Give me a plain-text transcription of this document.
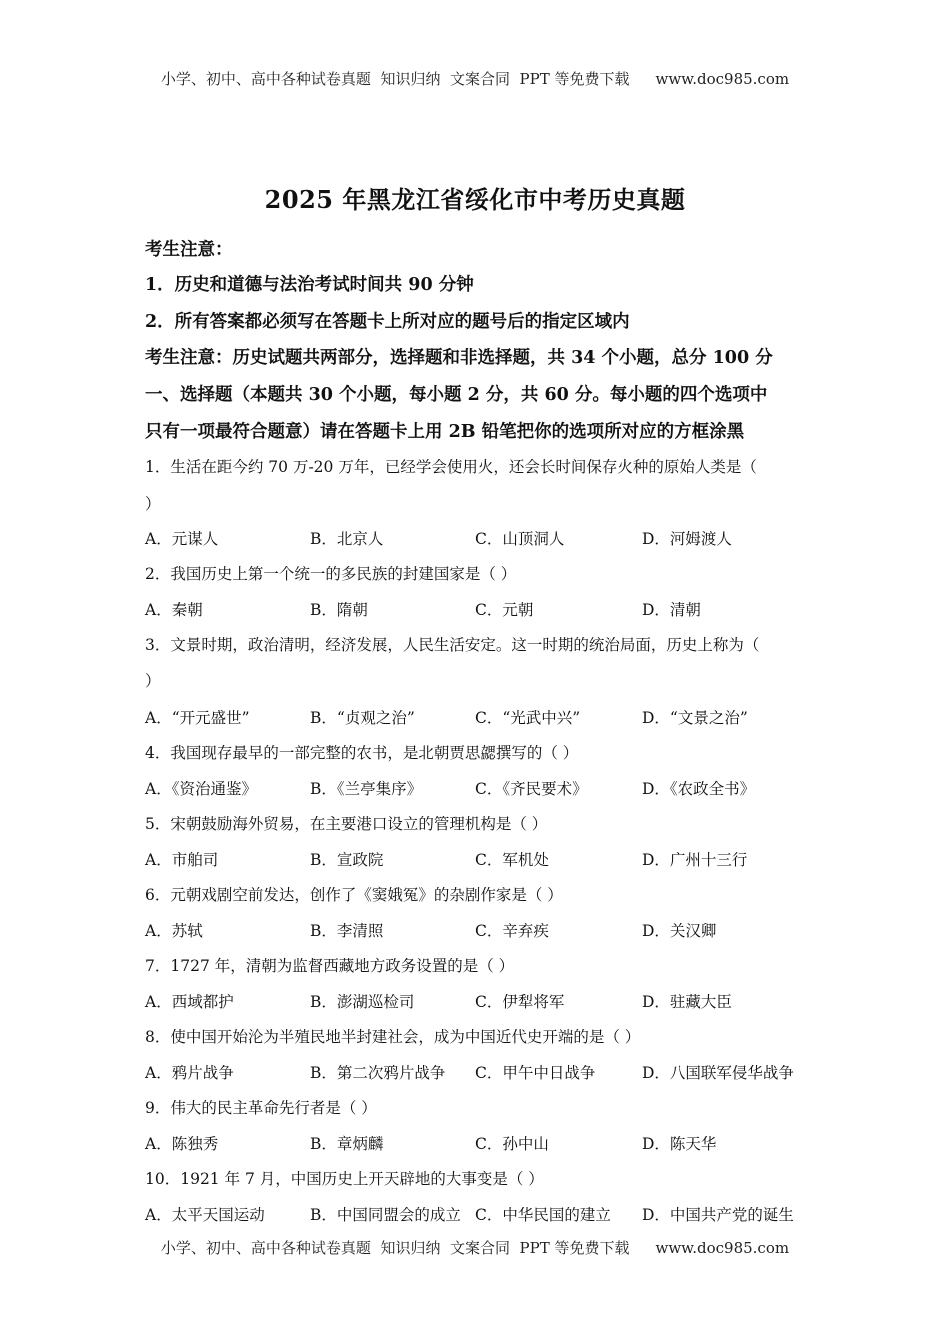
小学、初中、高中各种试卷真题  知识归纳  文案合同  PPT 等免费下载 www.doc985.com
2025 年黑龙江省绥化市中考历史真题
考生注意：
1．历史和道德与法治考试时间共 90 分钟
2．所有答案都必须写在答题卡上所对应的题号后的指定区域内
考生注意：历史试题共两部分，选择题和非选择题，共 34 个小题，总分 100 分
一、选择题（本题共 30 个小题，每小题 2 分，共 60 分。每小题的四个选项中
只有一项最符合题意）请在答题卡上用 2B 铅笔把你的选项所对应的方框涂黑
1．生活在距今约 70 万-20 万年，已经学会使用火，还会长时间保存火种的原始人类是（
）
A．元谋人	B．北京人	C．山顶洞人	D．河姆渡人
2．我国历史上第一个统一的多民族的封建国家是（ ）
A．秦朝	B．隋朝	C．元朝	D．清朝
3．文景时期，政治清明，经济发展，人民生活安定。这一时期的统治局面，历史上称为（
）
A．“开元盛世”	B．“贞观之治”	C．“光武中兴”	D．“文景之治”
4．我国现存最早的一部完整的农书，是北朝贾思勰撰写的（ ）
A．《资治通鉴》	B．《兰亭集序》	C．《齐民要术》	D．《农政全书》
5．宋朝鼓励海外贸易，在主要港口设立的管理机构是（ ）
A．市舶司	B．宣政院	C．军机处	D．广州十三行
6．元朝戏剧空前发达，创作了《窦娥冤》的杂剧作家是（ ）
A．苏轼	B．李清照	C．辛弃疾	D．关汉卿
7．1727 年，清朝为监督西藏地方政务设置的是（ ）
A．西域都护	B．澎湖巡检司	C．伊犁将军	D．驻藏大臣
8．使中国开始沦为半殖民地半封建社会，成为中国近代史开端的是（ ）
A．鸦片战争	B．第二次鸦片战争 C．甲午中日战争	D．八国联军侵华战争
9．伟大的民主革命先行者是（ ）
A．陈独秀	B．章炳麟	C．孙中山	D．陈天华
10．1921 年 7 月，中国历史上开天辟地的大事变是（ ）
A．太平天国运动	B．中国同盟会的成立 C．中华民国的建立 D．中国共产党的诞生
小学、初中、高中各种试卷真题  知识归纳  文案合同  PPT 等免费下载 www.doc985.com
